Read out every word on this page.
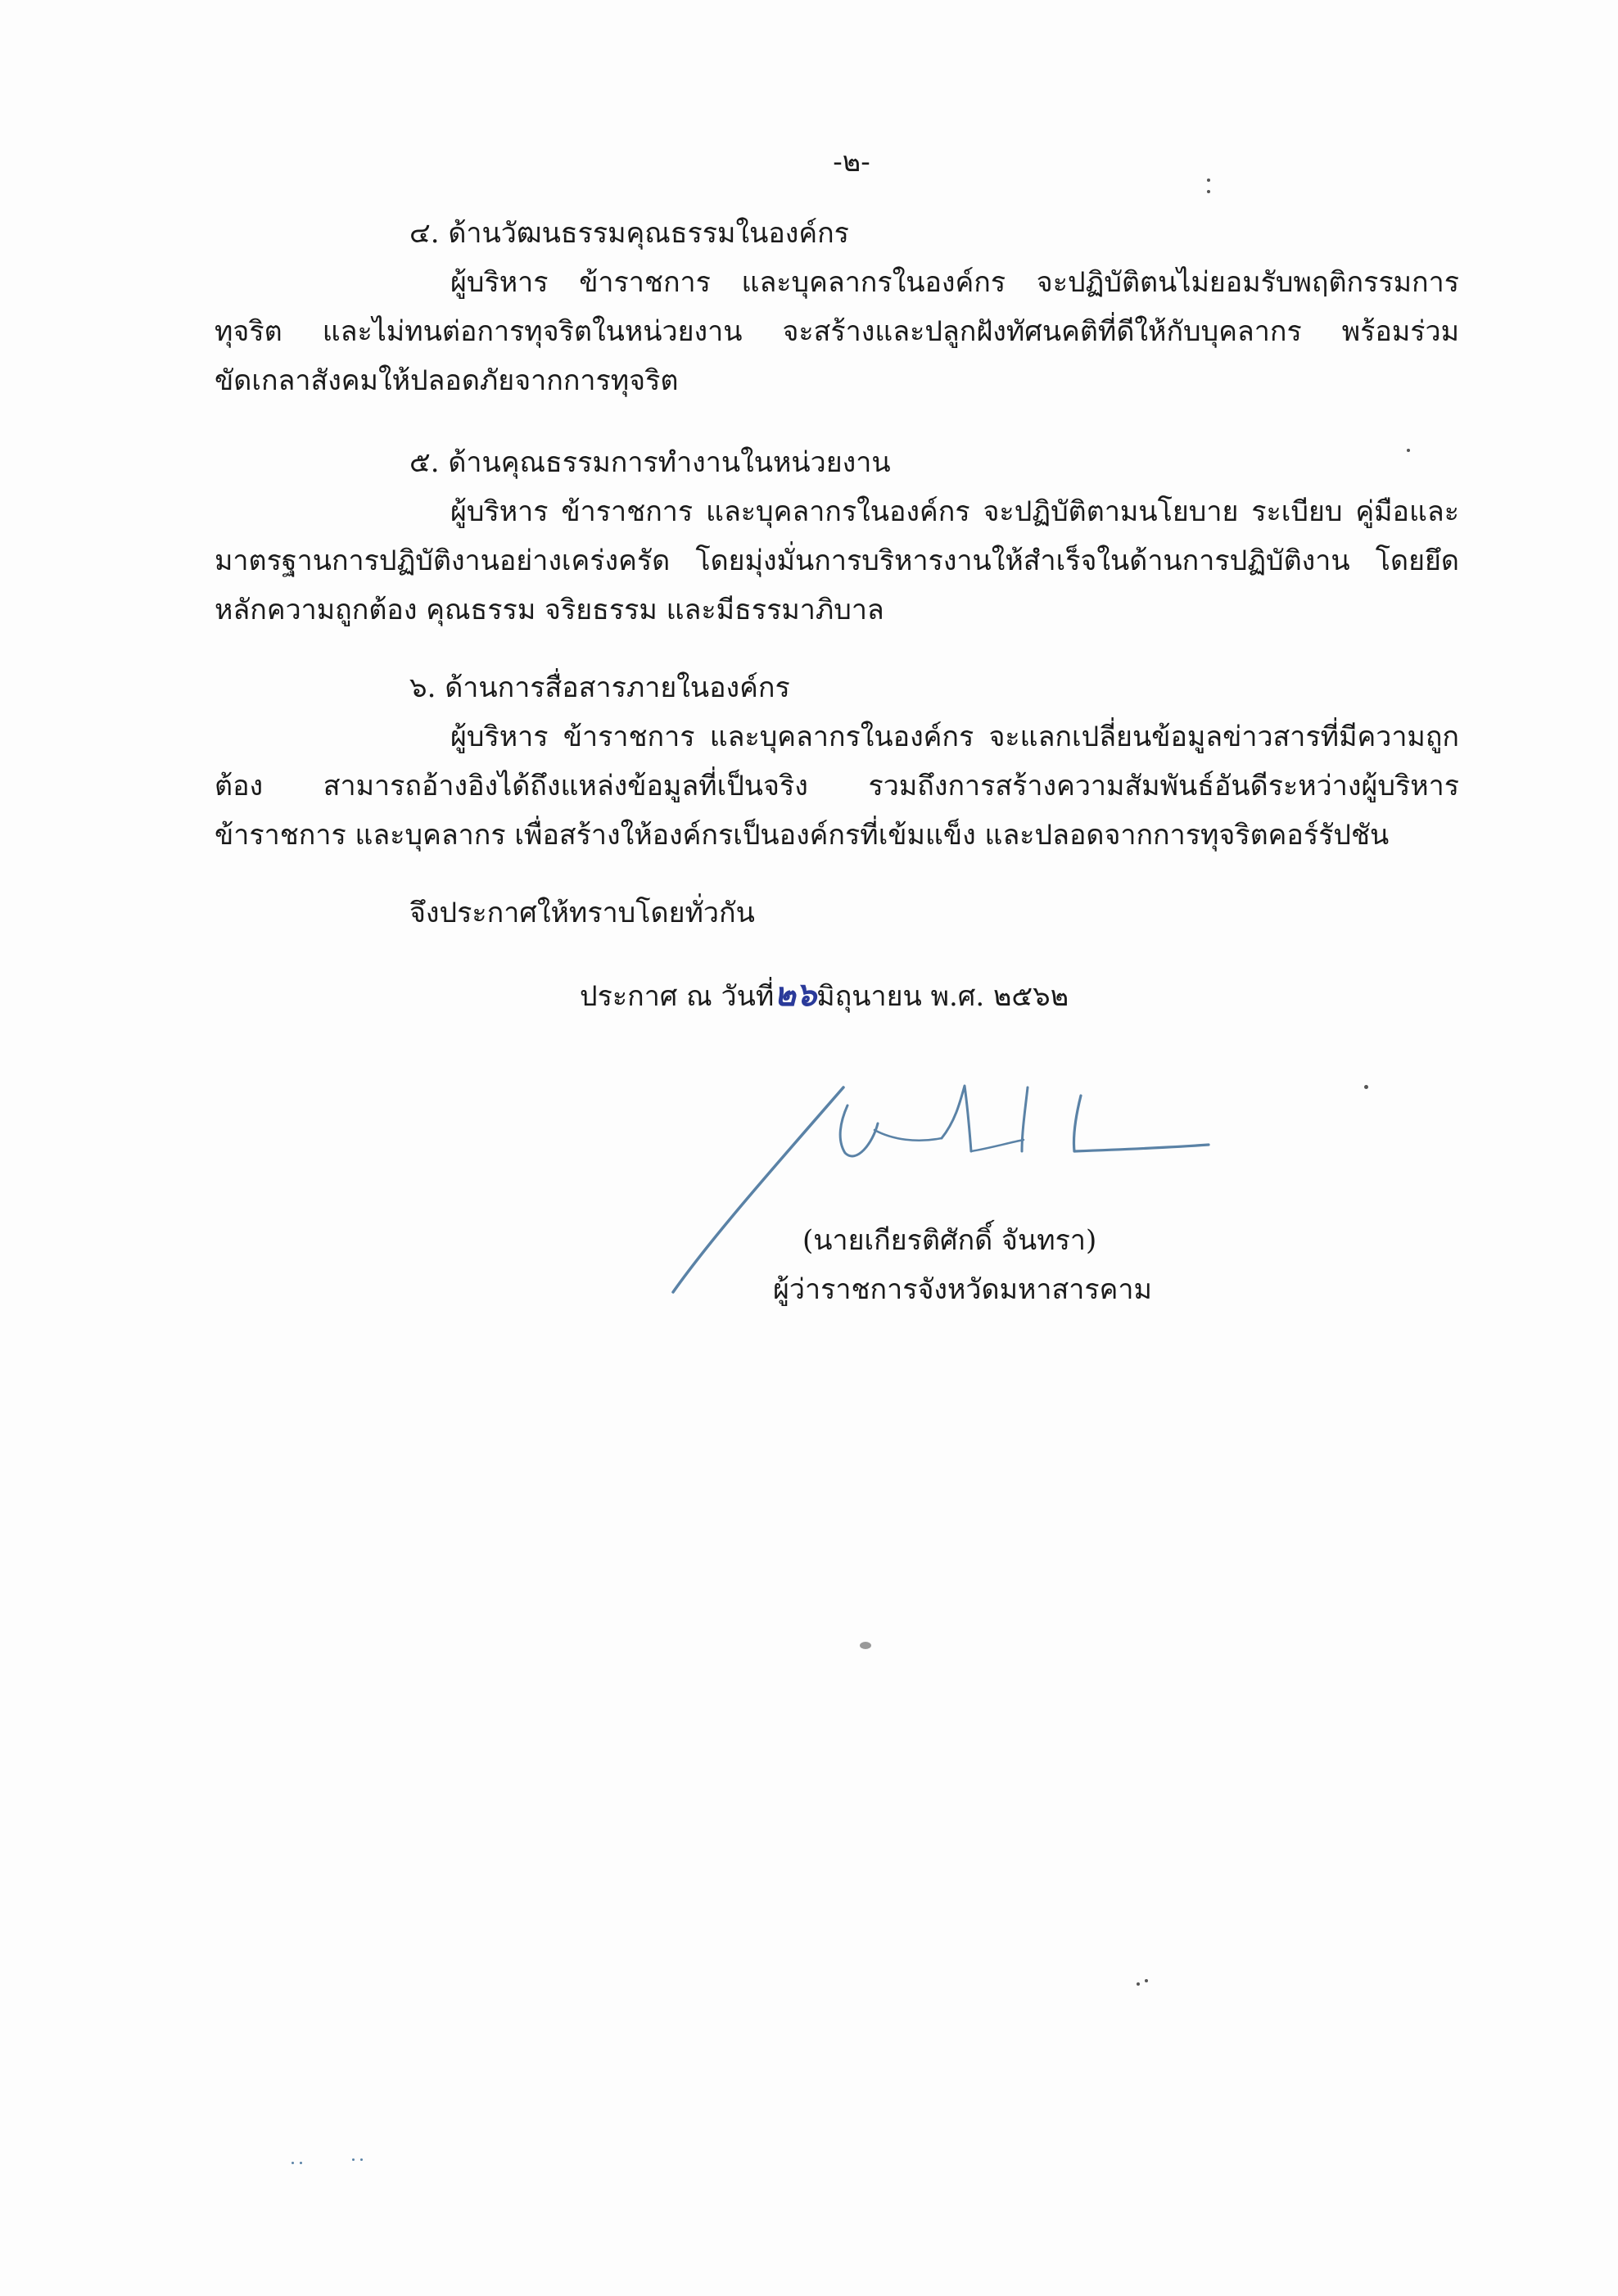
-๒-
๔. ด้านวัฒนธรรมคุณธรรมในองค์กร
ผู้บริหาร ข้าราชการ และบุคลากรในองค์กร จะปฏิบัติตนไม่ยอมรับพฤติกรรมการทุจริต และไม่ทนต่อการทุจริตในหน่วยงาน จะสร้างและปลูกฝังทัศนคติที่ดีให้กับบุคลากร พร้อมร่วมขัดเกลาสังคมให้ปลอดภัยจากการทุจริต
๕. ด้านคุณธรรมการทำงานในหน่วยงาน
ผู้บริหาร ข้าราชการ และบุคลากรในองค์กร จะปฏิบัติตามนโยบาย ระเบียบ คู่มือและมาตรฐานการปฏิบัติงานอย่างเคร่งครัด โดยมุ่งมั่นการบริหารงานให้สำเร็จในด้านการปฏิบัติงาน โดยยึดหลักความถูกต้อง คุณธรรม จริยธรรม และมีธรรมาภิบาล
๖. ด้านการสื่อสารภายในองค์กร
ผู้บริหาร ข้าราชการ และบุคลากรในองค์กร จะแลกเปลี่ยนข้อมูลข่าวสารที่มีความถูกต้อง สามารถอ้างอิงได้ถึงแหล่งข้อมูลที่เป็นจริง รวมถึงการสร้างความสัมพันธ์อันดีระหว่างผู้บริหาร ข้าราชการ และบุคลากร เพื่อสร้างให้องค์กรเป็นองค์กรที่เข้มแข็ง และปลอดจากการทุจริตคอร์รัปชัน
จึงประกาศให้ทราบโดยทั่วกัน
ประกาศ ณ วันที่๒๖มิถุนายน พ.ศ. ๒๕๖๒
(นายเกียรติศักดิ์ จันทรา)
ผู้ว่าราชการจังหวัดมหาสารคาม
